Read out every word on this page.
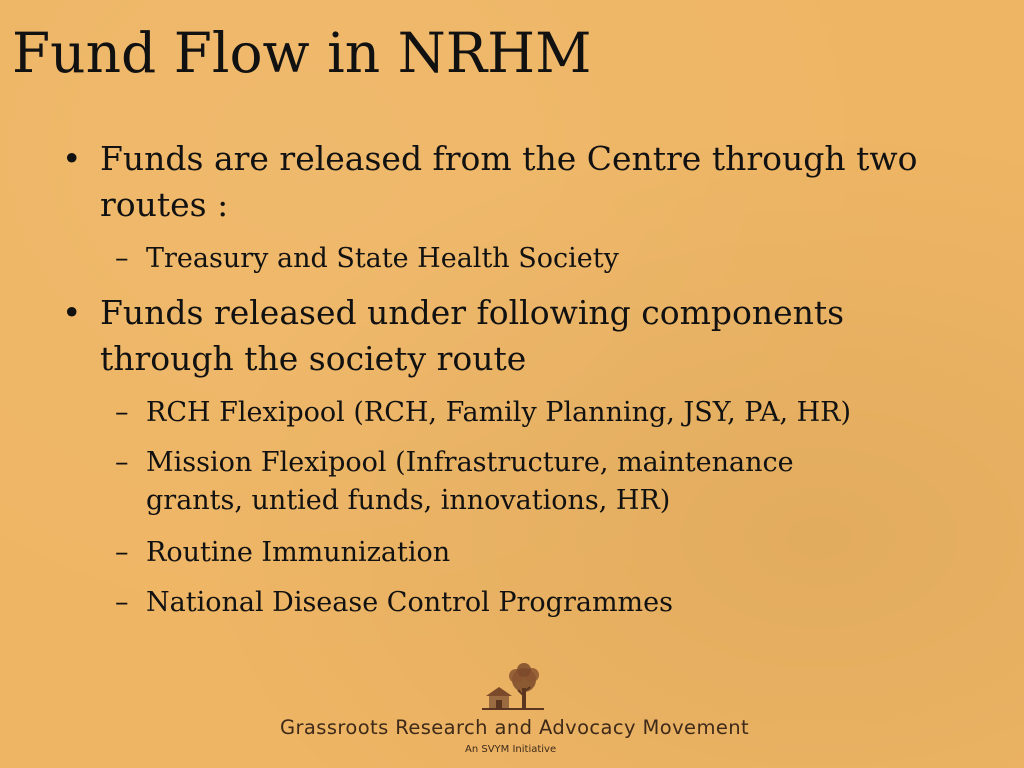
Fund Flow in NRHM
• Funds are released from the Centre through two routes :
– Treasury and State Health Society
• Funds released under following components through the society route
– RCH Flexipool (RCH, Family Planning, JSY, PA, HR)
– Mission Flexipool (Infrastructure, maintenance grants, untied funds, innovations, HR)
– Routine Immunization
– National Disease Control Programmes
Grassroots Research and Advocacy Movement
An SVYM Initiative
